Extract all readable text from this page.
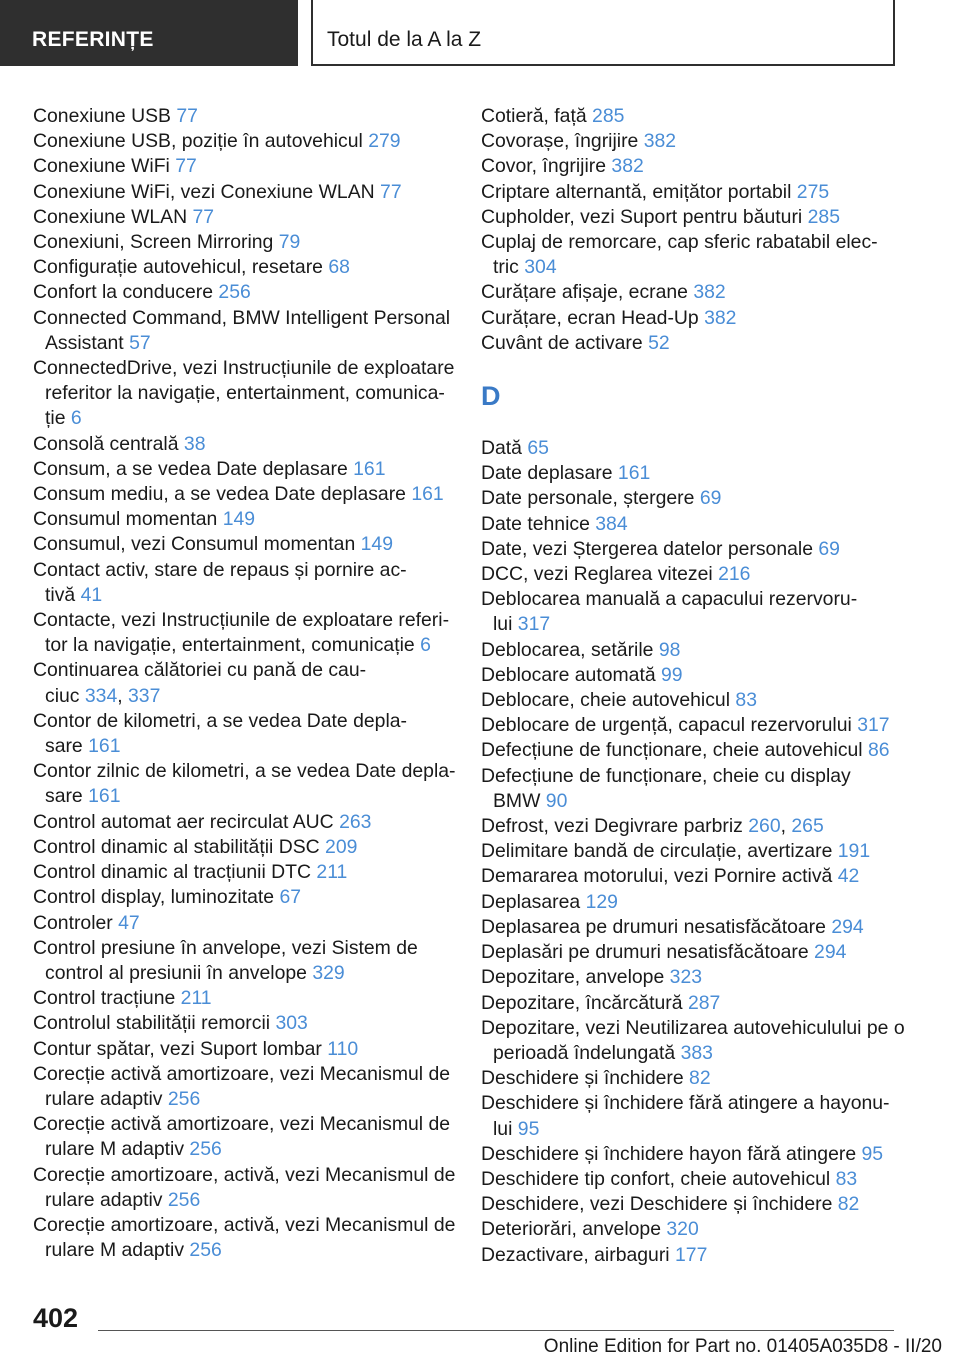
REFERINȚE	Totul de la A la Z
Conexiune USB 77
Conexiune USB, poziție în autovehicul 279
Conexiune WiFi 77
Conexiune WiFi, vezi Conexiune WLAN 77
Conexiune WLAN 77
Conexiuni, Screen Mirroring 79
Configurație autovehicul, resetare 68
Confort la conducere 256
Connected Command, BMW Intelligent Personal
Assistant 57
ConnectedDrive, vezi Instrucțiunile de exploatare
referitor la navigație, entertainment, comunica-
ție 6
Consolă centrală 38
Consum, a se vedea Date deplasare 161
Consum mediu, a se vedea Date deplasare 161
Consumul momentan 149
Consumul, vezi Consumul momentan 149
Contact activ, stare de repaus și pornire ac-
tivă 41
Contacte, vezi Instrucțiunile de exploatare referi-
tor la navigație, entertainment, comunicație 6
Continuarea călătoriei cu pană de cau-
ciuc 334, 337
Contor de kilometri, a se vedea Date depla-
sare 161
Contor zilnic de kilometri, a se vedea Date depla-
sare 161
Control automat aer recirculat AUC 263
Control dinamic al stabilității DSC 209
Control dinamic al tracțiunii DTC 211
Control display, luminozitate 67
Controler 47
Control presiune în anvelope, vezi Sistem de
control al presiunii în anvelope 329
Control tracțiune 211
Controlul stabilității remorcii 303
Contur spătar, vezi Suport lombar 110
Corecție activă amortizoare, vezi Mecanismul de
rulare adaptiv 256
Corecție activă amortizoare, vezi Mecanismul de
rulare M adaptiv 256
Corecție amortizoare, activă, vezi Mecanismul de
rulare adaptiv 256
Corecție amortizoare, activă, vezi Mecanismul de
rulare M adaptiv 256
Cotieră, față 285
Covorașe, îngrijire 382
Covor, îngrijire 382
Criptare alternantă, emițător portabil 275
Cupholder, vezi Suport pentru băuturi 285
Cuplaj de remorcare, cap sferic rabatabil elec-
tric 304
Curățare afișaje, ecrane 382
Curățare, ecran Head-Up 382
Cuvânt de activare 52
D
Dată 65
Date deplasare 161
Date personale, ștergere 69
Date tehnice 384
Date, vezi Ștergerea datelor personale 69
DCC, vezi Reglarea vitezei 216
Deblocarea manuală a capacului rezervoru-
lui 317
Deblocarea, setările 98
Deblocare automată 99
Deblocare, cheie autovehicul 83
Deblocare de urgență, capacul rezervorului 317
Defecțiune de funcționare, cheie autovehicul 86
Defecțiune de funcționare, cheie cu display
BMW 90
Defrost, vezi Degivrare parbriz 260, 265
Delimitare bandă de circulație, avertizare 191
Demararea motorului, vezi Pornire activă 42
Deplasarea 129
Deplasarea pe drumuri nesatisfăcătoare 294
Deplasări pe drumuri nesatisfăcătoare 294
Depozitare, anvelope 323
Depozitare, încărcătură 287
Depozitare, vezi Neutilizarea autovehiculului pe o
perioadă îndelungată 383
Deschidere și închidere 82
Deschidere și închidere fără atingere a hayonu-
lui 95
Deschidere și închidere hayon fără atingere 95
Deschidere tip confort, cheie autovehicul 83
Deschidere, vezi Deschidere și închidere 82
Deteriorări, anvelope 320
Dezactivare, airbaguri 177
402
Online Edition for Part no. 01405A035D8 - II/20
